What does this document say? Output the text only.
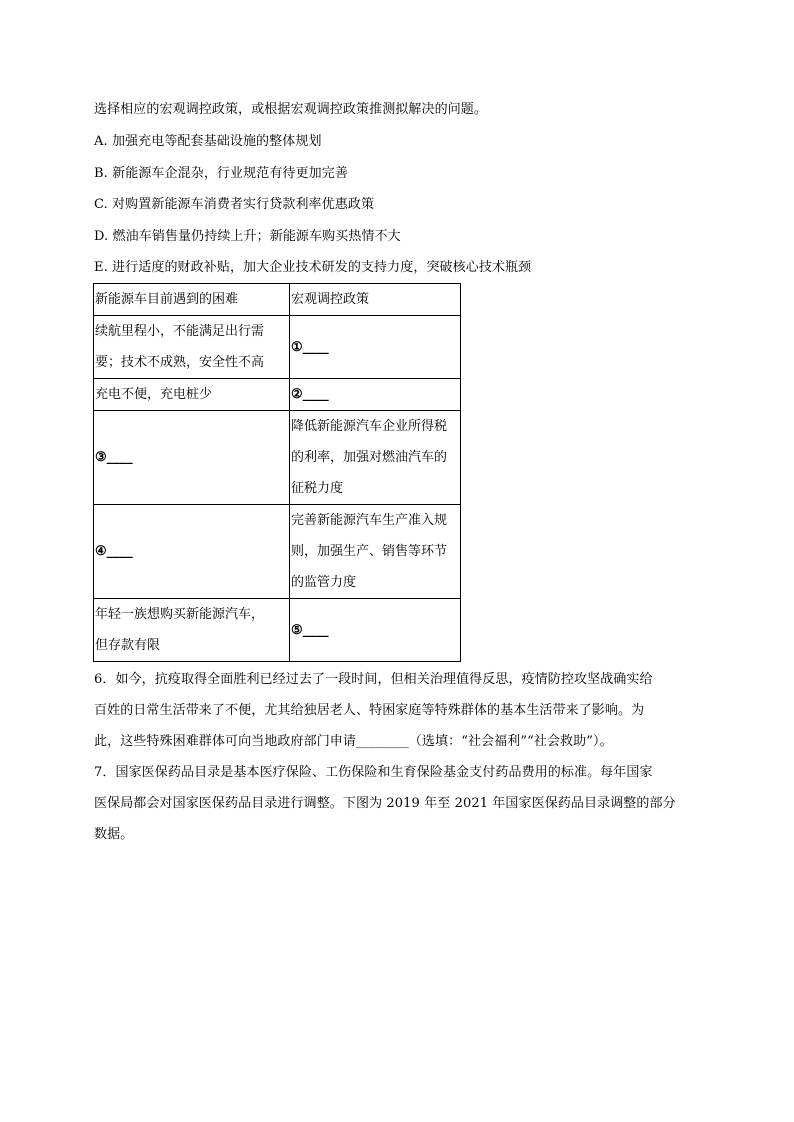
选择相应的宏观调控政策，或根据宏观调控政策推测拟解决的问题。
A. 加强充电等配套基础设施的整体规划
B. 新能源车企混杂，行业规范有待更加完善
C. 对购置新能源车消费者实行贷款利率优惠政策
D. 燃油车销售量仍持续上升；新能源车购买热情不大
E. 进行适度的财政补贴，加大企业技术研发的支持力度，突破核心技术瓶颈
新能源车目前遇到的困难	宏观调控政策

续航里程小，不能满足出行需
要；技术不成熟，安全性不高	①____

充电不便，充电桩少	②____

③____	降低新能源汽车企业所得税
的利率，加强对燃油汽车的
征税力度

④____	完善新能源汽车生产准入规
则，加强生产、销售等环节
的监管力度

年轻一族想购买新能源汽车，
但存款有限	⑤____
6．如今，抗疫取得全面胜利已经过去了一段时间，但相关治理值得反思，疫情防控攻坚战确实给
百姓的日常生活带来了不便，尤其给独居老人、特困家庭等特殊群体的基本生活带来了影响。为
此，这些特殊困难群体可向当地政府部门申请________（选填：“社会福利”“社会救助”）。
7．国家医保药品目录是基本医疗保险、工伤保险和生育保险基金支付药品费用的标准。每年国家
医保局都会对国家医保药品目录进行调整。下图为 2019 年至 2021 年国家医保药品目录调整的部分
数据。
